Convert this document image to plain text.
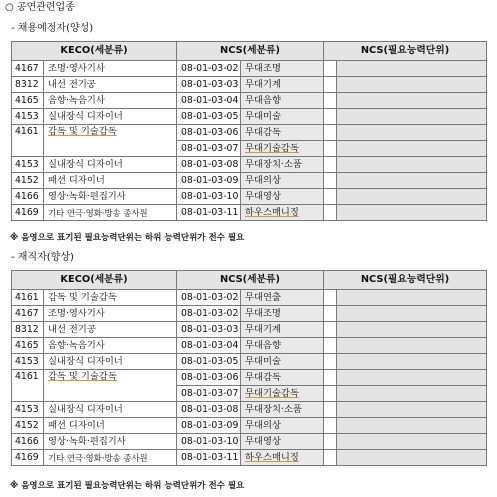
○ 공연관련업종
- 채용예정자(양성)
KECO(세분류)		NCS(세분류)		NCS(필요능력단위)	
4167	조명·영사기사	08-01-03-02	무대조명		
8312	내선 전기공	08-01-03-03	무대기계		
4165	음향·녹음기사	08-01-03-04	무대음향		
4153	실내장식 디자이너	08-01-03-05	무대미술		
4161	감독 및 기술감독	08-01-03-06	무대감독		
		08-01-03-07	무대기술감독		
4153	실내장식 디자이너	08-01-03-08	무대장치·소품		
4152	패션 디자이너	08-01-03-09	무대의상		
4166	영상·녹화·편집기사	08-01-03-10	무대영상		
4169	기타 연극·영화·방송 종사원	08-01-03-11	하우스매니징		
※ 음영으로 표기된 필요능력단위는 하위 능력단위가 전수 필요
- 재직자(향상)
KECO(세분류)		NCS(세분류)		NCS(필요능력단위)	
4161	감독 및 기술감독	08-01-03-02	무대연출		
4167	조명·영사기사	08-01-03-02	무대조명		
8312	내선 전기공	08-01-03-03	무대기계		
4165	음향·녹음기사	08-01-03-04	무대음향		
4153	실내장식 디자이너	08-01-03-05	무대미술		
4161	감독 및 기술감독	08-01-03-06	무대감독		
		08-01-03-07	무대기술감독		
4153	실내장식 디자이너	08-01-03-08	무대장치·소품		
4152	패션 디자이너	08-01-03-09	무대의상		
4166	영상·녹화·편집기사	08-01-03-10	무대영상		
4169	기타 연극·영화·방송 종사원	08-01-03-11	하우스매니징		
※ 음영으로 표기된 필요능력단위는 하위 능력단위가 전수 필요
